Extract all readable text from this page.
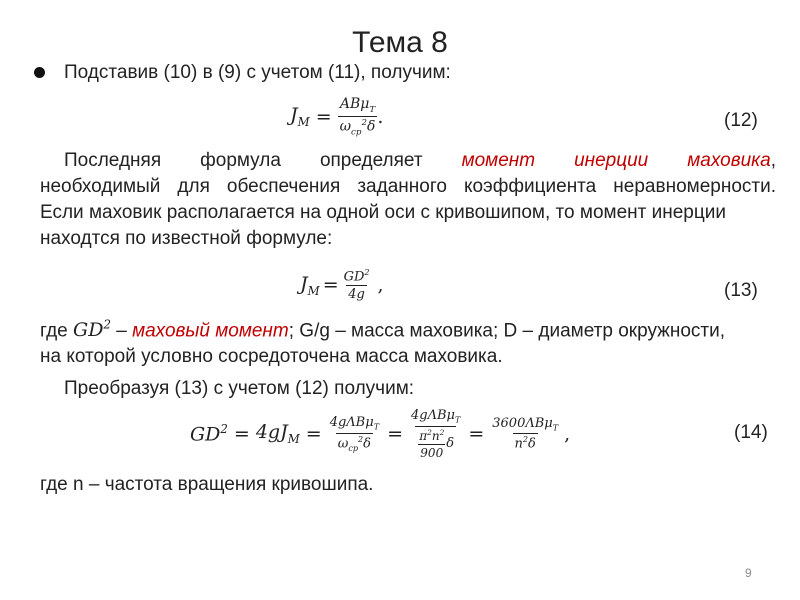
Тема 8
Подставив (10) в (9) с учетом (11), получим:
$J_M = \frac{AB\mu_T}{\omega_{cp}^2\delta}$ .	(12)
Последняя формула определяет момент инерции маховика,
необходимый для обеспечения заданного коэффициента неравномерности.
Если маховик располагается на одной оси с кривошипом, то момент инерции
находтся по известной формуле:
$J_M = \frac{GD^2}{4g}$ ,	(13)
где $GD^2$ – маховый момент; G/g – масса маховика; D – диаметр окружности,
на которой условно сосредоточена масса маховика.
Преобразуя (13) с учетом (12) получим:
$GD^2 = 4gJ_M = \frac{4g\Lambda B\mu_T}{\omega_{cp}^2\delta} = \frac{4g\Lambda B\mu_T}{\frac{\pi^2n^2}{900} \delta} = \frac{3600\Lambda B\mu_T}{n^2\delta}$ ,	(14)
где n – частота вращения кривошипа.
9
